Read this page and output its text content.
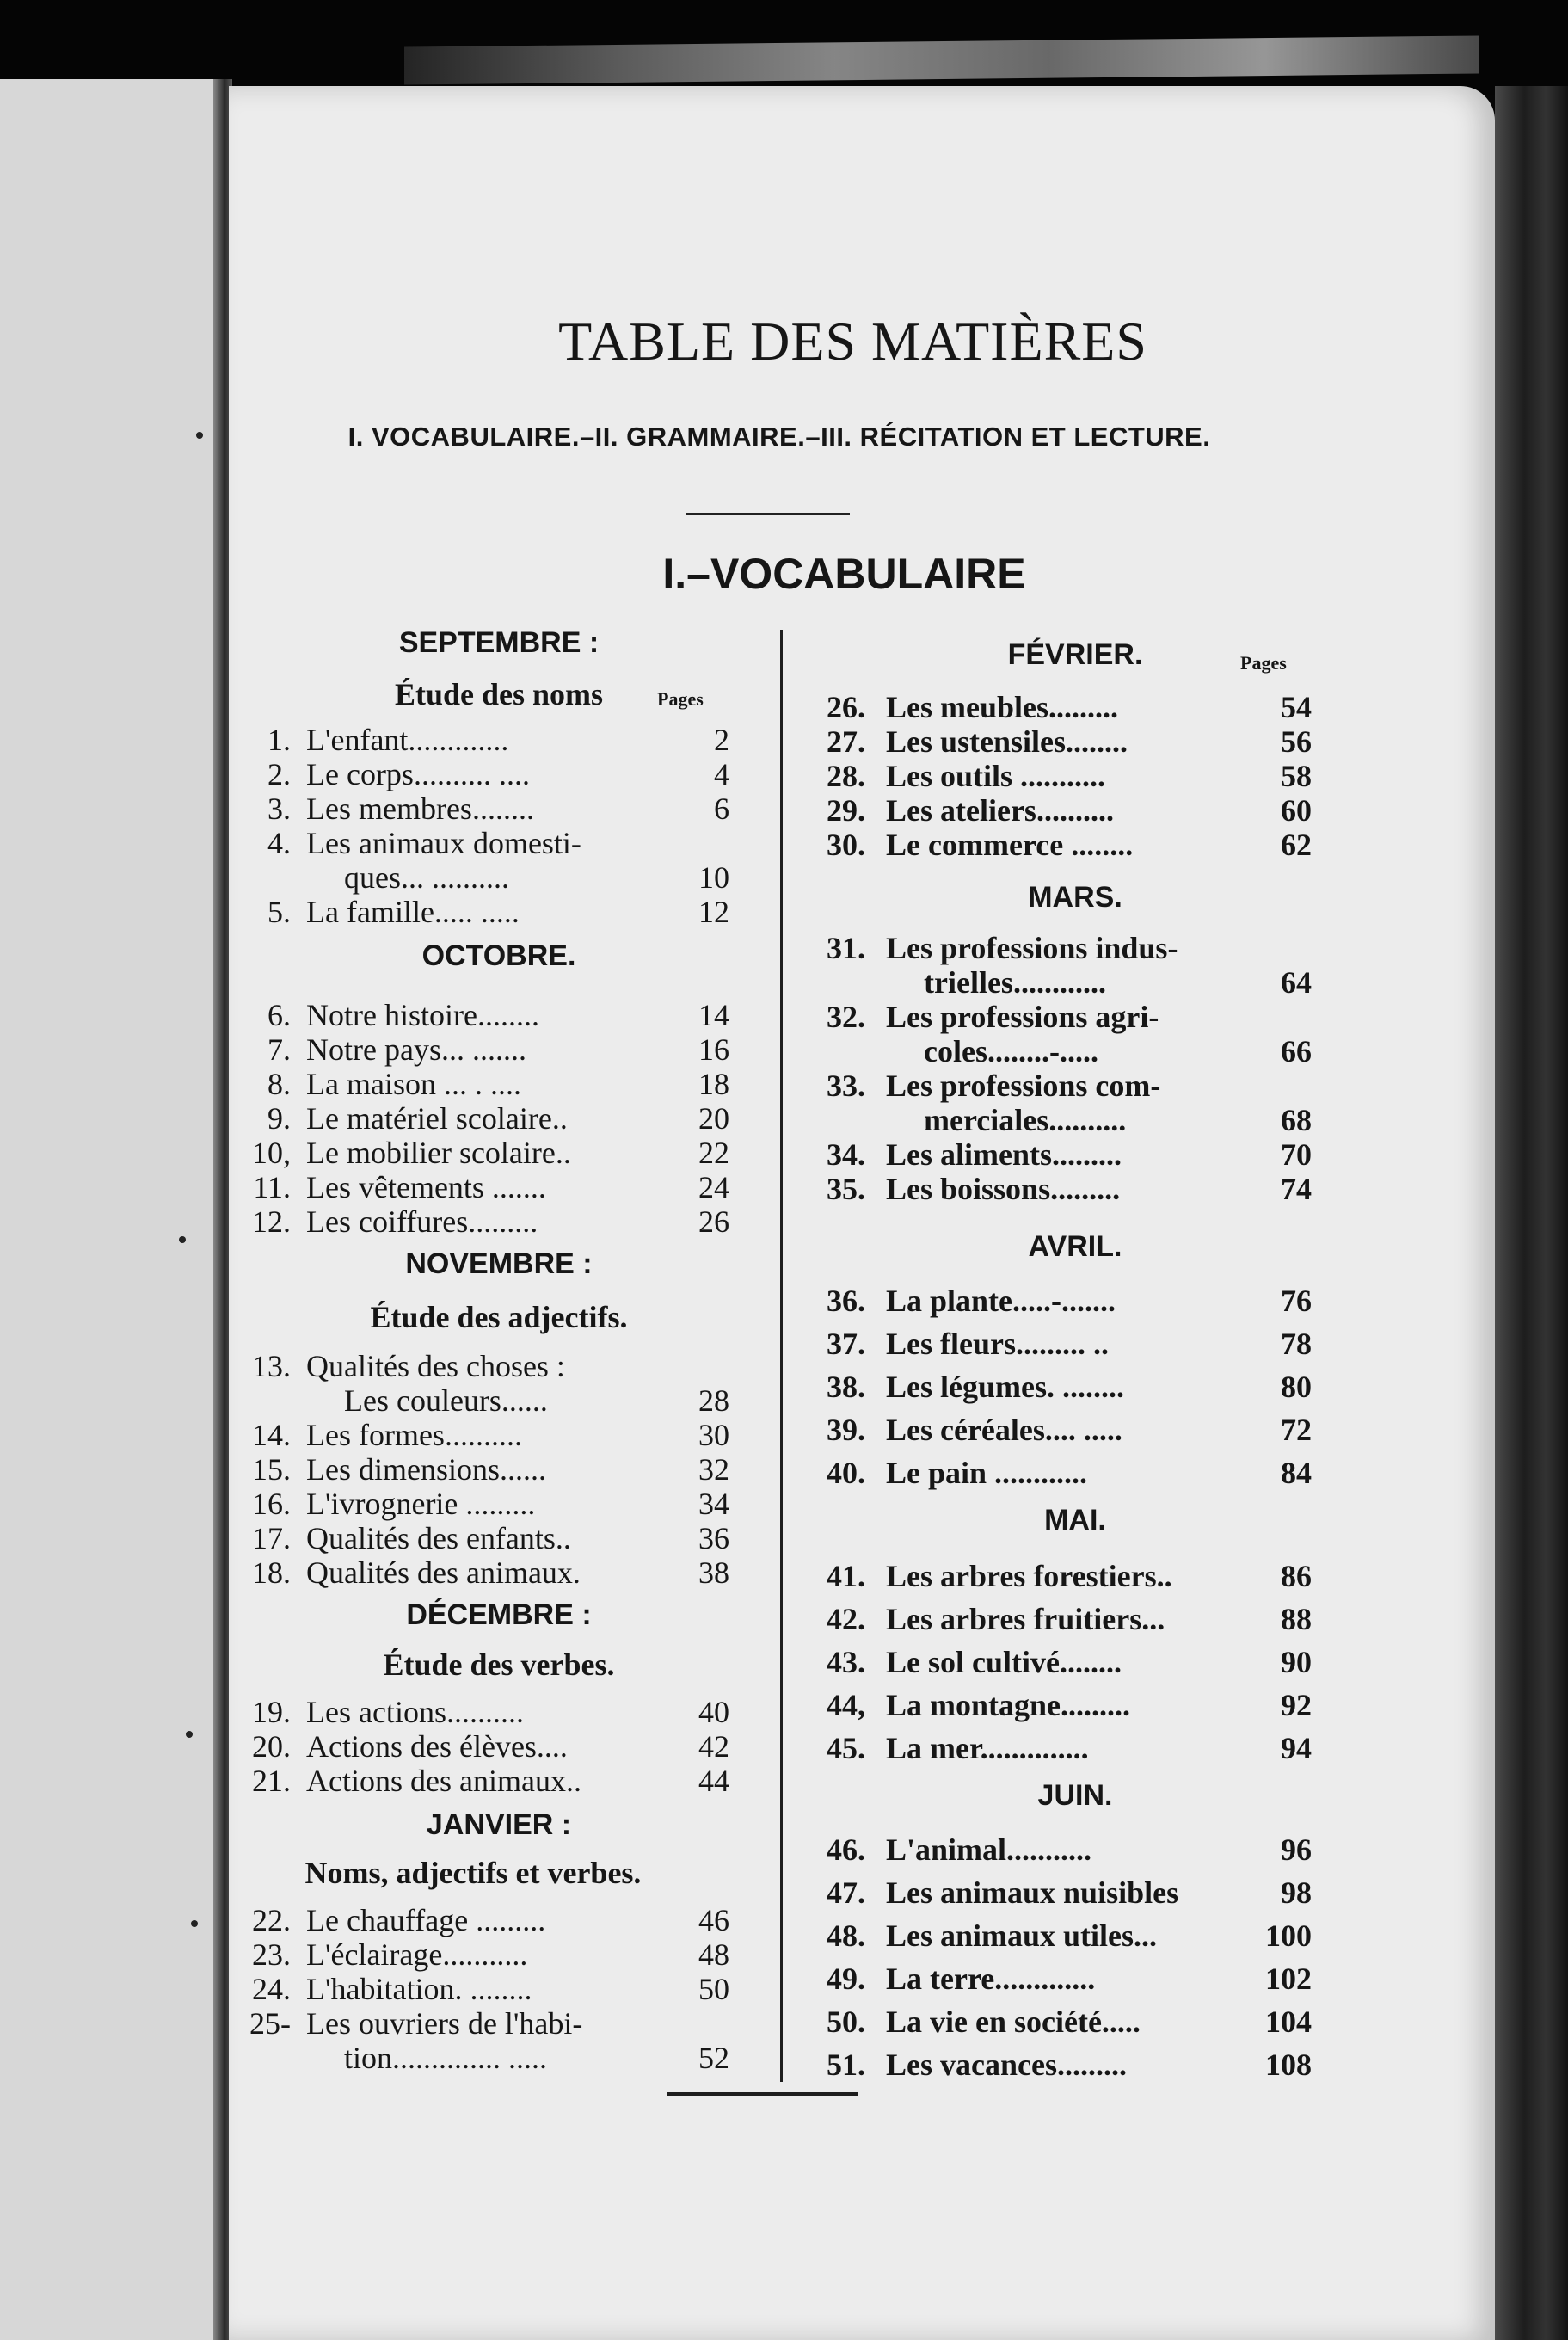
TABLE DES MATIÈRES
I. VOCABULAIRE.–II. GRAMMAIRE.–III. RÉCITATION ET LECTURE.
I.–VOCABULAIRE
SEPTEMBRE :
Étude des noms	Pages
OCTOBRE.
NOVEMBRE :
Étude des adjectifs.
DÉCEMBRE :
Étude des verbes.
JANVIER :
Noms, adjectifs et verbes.
1. L'enfant.............	2
2. Le corps.......... ....	4
3. Les membres........	6
4. Les animaux domesti-
ques... ..........	10
5. La famille..... .....	12
6. Notre histoire........	14
7. Notre pays... .......	16
8. La maison ... . ....	18
9. Le matériel scolaire..	20
10, Le mobilier scolaire..	22
11. Les vêtements .......	24
12. Les coiffures.........	26
13. Qualités des choses :
Les couleurs......	28
14. Les formes..........	30
15. Les dimensions......	32
16. L'ivrognerie .........	34
17. Qualités des enfants..	36
18. Qualités des animaux.	38
19. Les actions..........	40
20. Actions des élèves....	42
21. Actions des animaux..	44
22. Le chauffage .........	46
23. L'éclairage...........	48
24. L'habitation. ........	50
25- Les ouvriers de l'habi-
tion.............. .....	52
FÉVRIER.	Pages
MARS.
AVRIL.
MAI.
JUIN.
26. Les meubles.........	54
27. Les ustensiles........	56
28. Les outils ...........	58
29. Les ateliers..........	60
30. Le commerce ........	62
31. Les professions indus-
trielles............	64
32. Les professions agri-
coles........-.....	66
33. Les professions com-
merciales..........	68
34. Les aliments.........	70
35. Les boissons.........	74
36. La plante.....-.......	76
37. Les fleurs......... ..	78
38. Les légumes. ........	80
39. Les céréales.... .....	72
40. Le pain ............	84
41. Les arbres forestiers..	86
42. Les arbres fruitiers...	88
43. Le sol cultivé........	90
44, La montagne.........	92
45. La mer..............	94
46. L'animal...........	96
47. Les animaux nuisibles	98
48. Les animaux utiles...	100
49. La terre.............	102
50. La vie en société.....	104
51. Les vacances.........	108
